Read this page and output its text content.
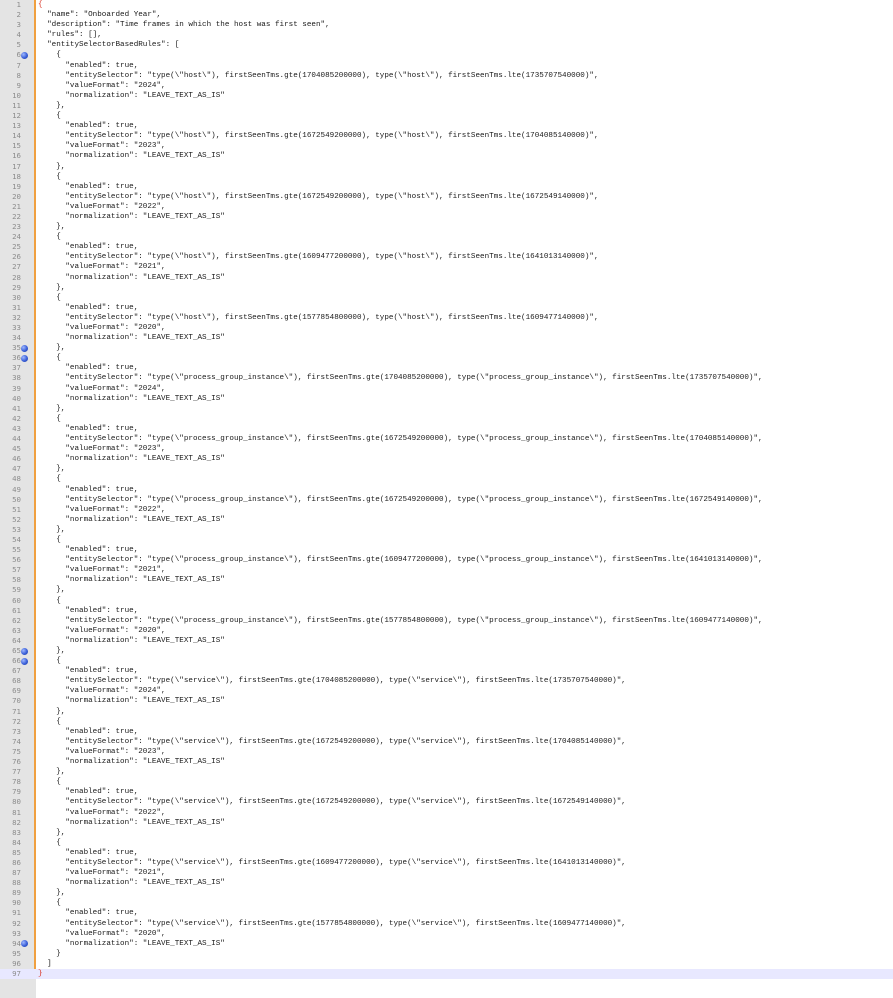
1 {
2 "name": "Onboarded Year",
3 "description": "Time frames in which the host was first seen",
4 "rules": [],
5 "entitySelectorBasedRules": [
6 {
7 "enabled": true,
8 "entitySelector": "type(\"host\"), firstSeenTms.gte(1704085200000), type(\"host\"), firstSeenTms.lte(1735707540000)",
9 "valueFormat": "2024",
10 "normalization": "LEAVE_TEXT_AS_IS"
11 },
12 {
13 "enabled": true,
14 "entitySelector": "type(\"host\"), firstSeenTms.gte(1672549200000), type(\"host\"), firstSeenTms.lte(1704085140000)",
15 "valueFormat": "2023",
16 "normalization": "LEAVE_TEXT_AS_IS"
17 },
18 {
19 "enabled": true,
20 "entitySelector": "type(\"host\"), firstSeenTms.gte(1672549200000), type(\"host\"), firstSeenTms.lte(1672549140000)",
21 "valueFormat": "2022",
22 "normalization": "LEAVE_TEXT_AS_IS"
23 },
24 {
25 "enabled": true,
26 "entitySelector": "type(\"host\"), firstSeenTms.gte(1609477200000), type(\"host\"), firstSeenTms.lte(1641013140000)",
27 "valueFormat": "2021",
28 "normalization": "LEAVE_TEXT_AS_IS"
29 },
30 {
31 "enabled": true,
32 "entitySelector": "type(\"host\"), firstSeenTms.gte(1577854800000), type(\"host\"), firstSeenTms.lte(1609477140000)",
33 "valueFormat": "2020",
34 "normalization": "LEAVE_TEXT_AS_IS"
35 },
36 {
37 "enabled": true,
38 "entitySelector": "type(\"process_group_instance\"), firstSeenTms.gte(1704085200000), type(\"process_group_instance\"), firstSeenTms.lte(1735707540000)",
39 "valueFormat": "2024",
40 "normalization": "LEAVE_TEXT_AS_IS"
41 },
42 {
43 "enabled": true,
44 "entitySelector": "type(\"process_group_instance\"), firstSeenTms.gte(1672549200000), type(\"process_group_instance\"), firstSeenTms.lte(1704085140000)",
45 "valueFormat": "2023",
46 "normalization": "LEAVE_TEXT_AS_IS"
47 },
48 {
49 "enabled": true,
50 "entitySelector": "type(\"process_group_instance\"), firstSeenTms.gte(1672549200000), type(\"process_group_instance\"), firstSeenTms.lte(1672549140000)",
51 "valueFormat": "2022",
52 "normalization": "LEAVE_TEXT_AS_IS"
53 },
54 {
55 "enabled": true,
56 "entitySelector": "type(\"process_group_instance\"), firstSeenTms.gte(1609477200000), type(\"process_group_instance\"), firstSeenTms.lte(1641013140000)",
57 "valueFormat": "2021",
58 "normalization": "LEAVE_TEXT_AS_IS"
59 },
60 {
61 "enabled": true,
62 "entitySelector": "type(\"process_group_instance\"), firstSeenTms.gte(1577854800000), type(\"process_group_instance\"), firstSeenTms.lte(1609477140000)",
63 "valueFormat": "2020",
64 "normalization": "LEAVE_TEXT_AS_IS"
65 },
66 {
67 "enabled": true,
68 "entitySelector": "type(\"service\"), firstSeenTms.gte(1704085200000), type(\"service\"), firstSeenTms.lte(1735707540000)",
69 "valueFormat": "2024",
70 "normalization": "LEAVE_TEXT_AS_IS"
71 },
72 {
73 "enabled": true,
74 "entitySelector": "type(\"service\"), firstSeenTms.gte(1672549200000), type(\"service\"), firstSeenTms.lte(1704085140000)",
75 "valueFormat": "2023",
76 "normalization": "LEAVE_TEXT_AS_IS"
77 },
78 {
79 "enabled": true,
80 "entitySelector": "type(\"service\"), firstSeenTms.gte(1672549200000), type(\"service\"), firstSeenTms.lte(1672549140000)",
81 "valueFormat": "2022",
82 "normalization": "LEAVE_TEXT_AS_IS"
83 },
84 {
85 "enabled": true,
86 "entitySelector": "type(\"service\"), firstSeenTms.gte(1609477200000), type(\"service\"), firstSeenTms.lte(1641013140000)",
87 "valueFormat": "2021",
88 "normalization": "LEAVE_TEXT_AS_IS"
89 },
90 {
91 "enabled": true,
92 "entitySelector": "type(\"service\"), firstSeenTms.gte(1577854800000), type(\"service\"), firstSeenTms.lte(1609477140000)",
93 "valueFormat": "2020",
94 "normalization": "LEAVE_TEXT_AS_IS"
95 }
96 ]
97 }
